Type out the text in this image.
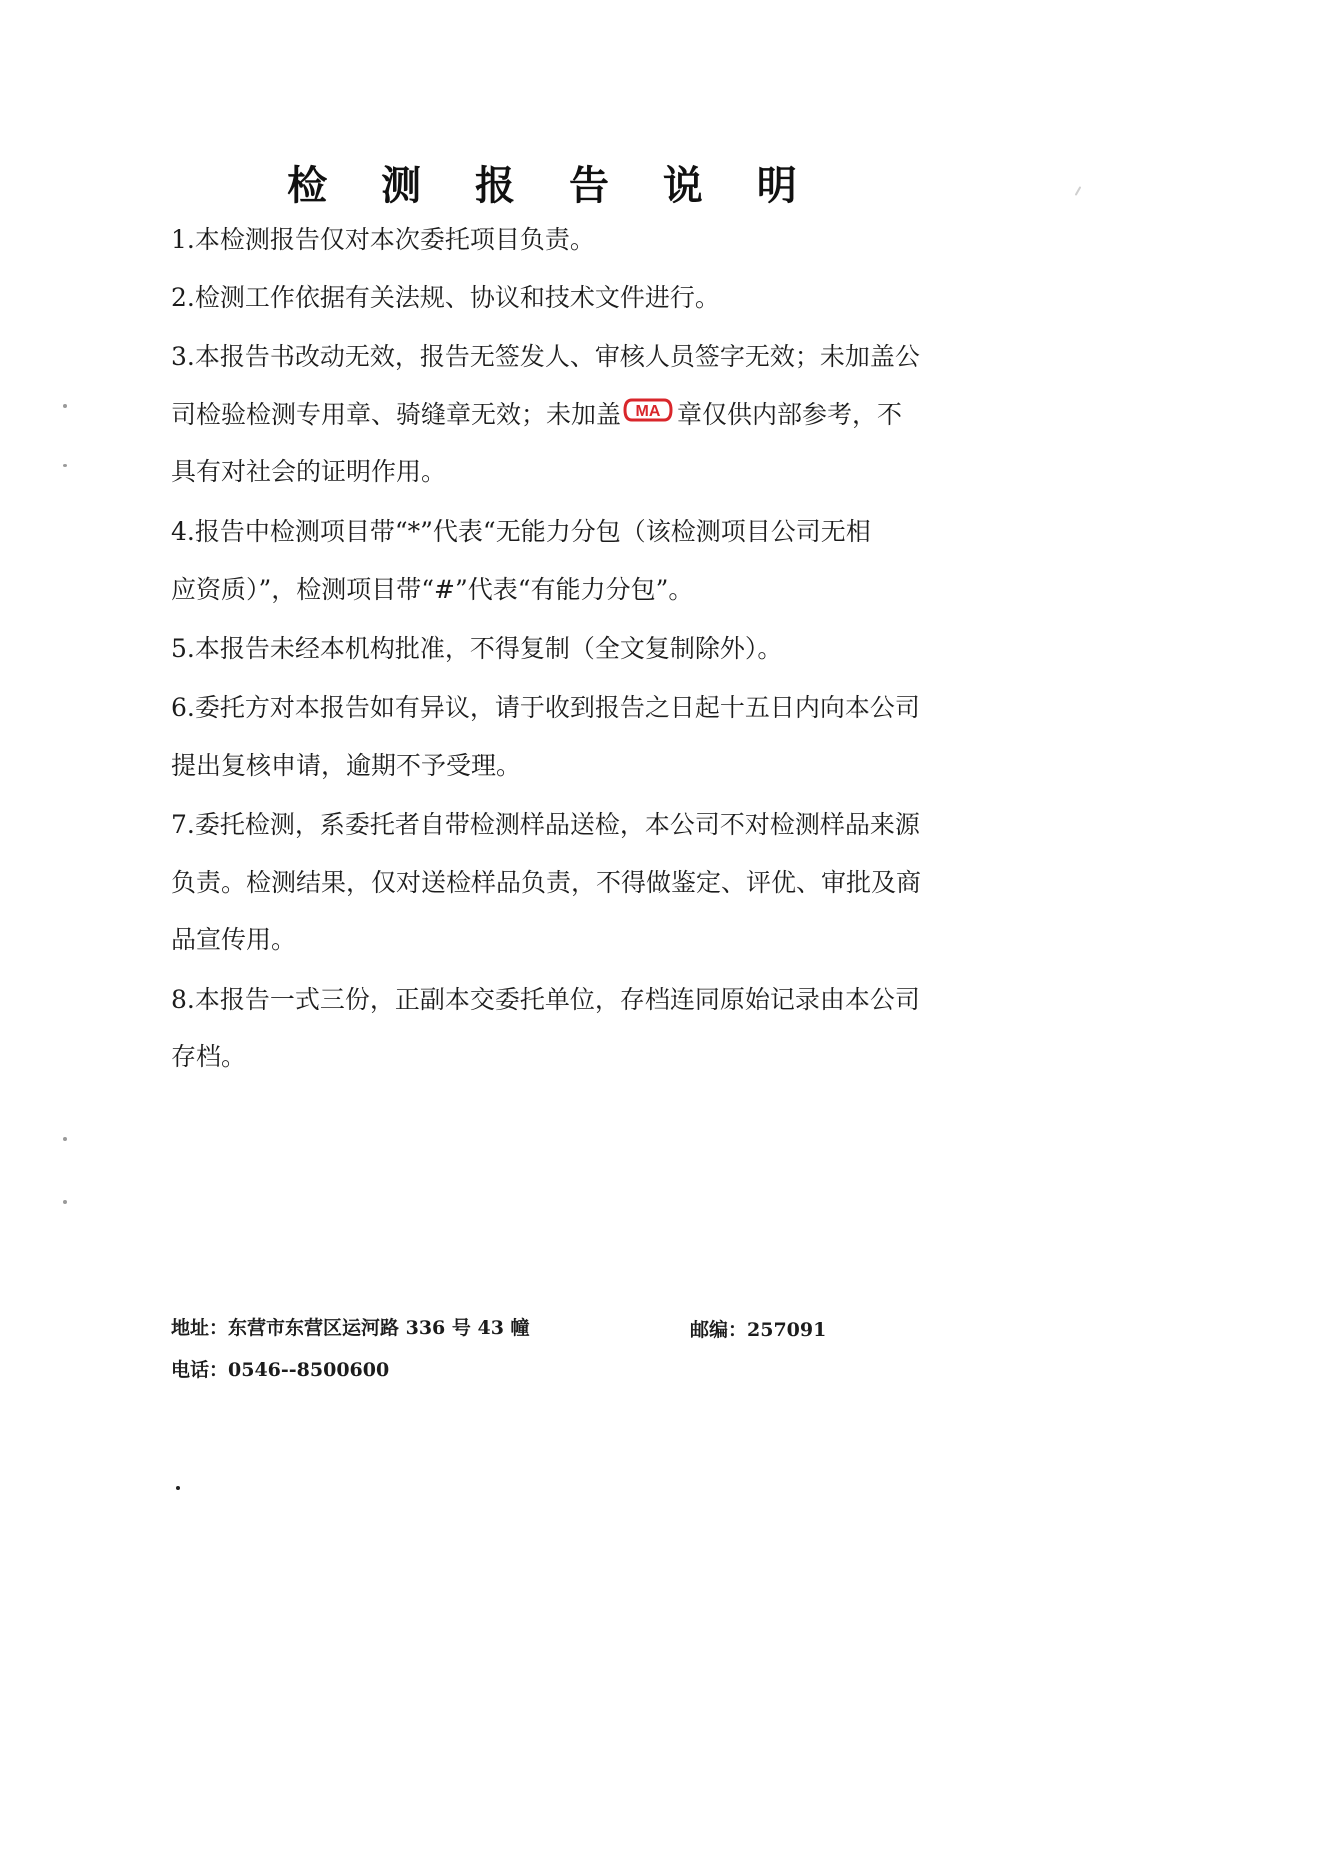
检 测 报 告 说 明
1.本检测报告仅对本次委托项目负责。
2.检测工作依据有关法规、协议和技术文件进行。
3.本报告书改动无效，报告无签发人、审核人员签字无效；未加盖公
司检验检测专用章、骑缝章无效；未加盖 MA 章仅供内部参考，不
具有对社会的证明作用。
4.报告中检测项目带“*”代表“无能力分包（该检测项目公司无相
应资质）”，检测项目带“#”代表“有能力分包”。
5.本报告未经本机构批准，不得复制（全文复制除外）。
6.委托方对本报告如有异议，请于收到报告之日起十五日内向本公司
提出复核申请，逾期不予受理。
7.委托检测，系委托者自带检测样品送检，本公司不对检测样品来源
负责。检测结果，仅对送检样品负责，不得做鉴定、评优、审批及商
品宣传用。
8.本报告一式三份，正副本交委托单位，存档连同原始记录由本公司
存档。
地址：东营市东营区运河路 336 号 43 幢	邮编：257091
电话：0546--8500600
